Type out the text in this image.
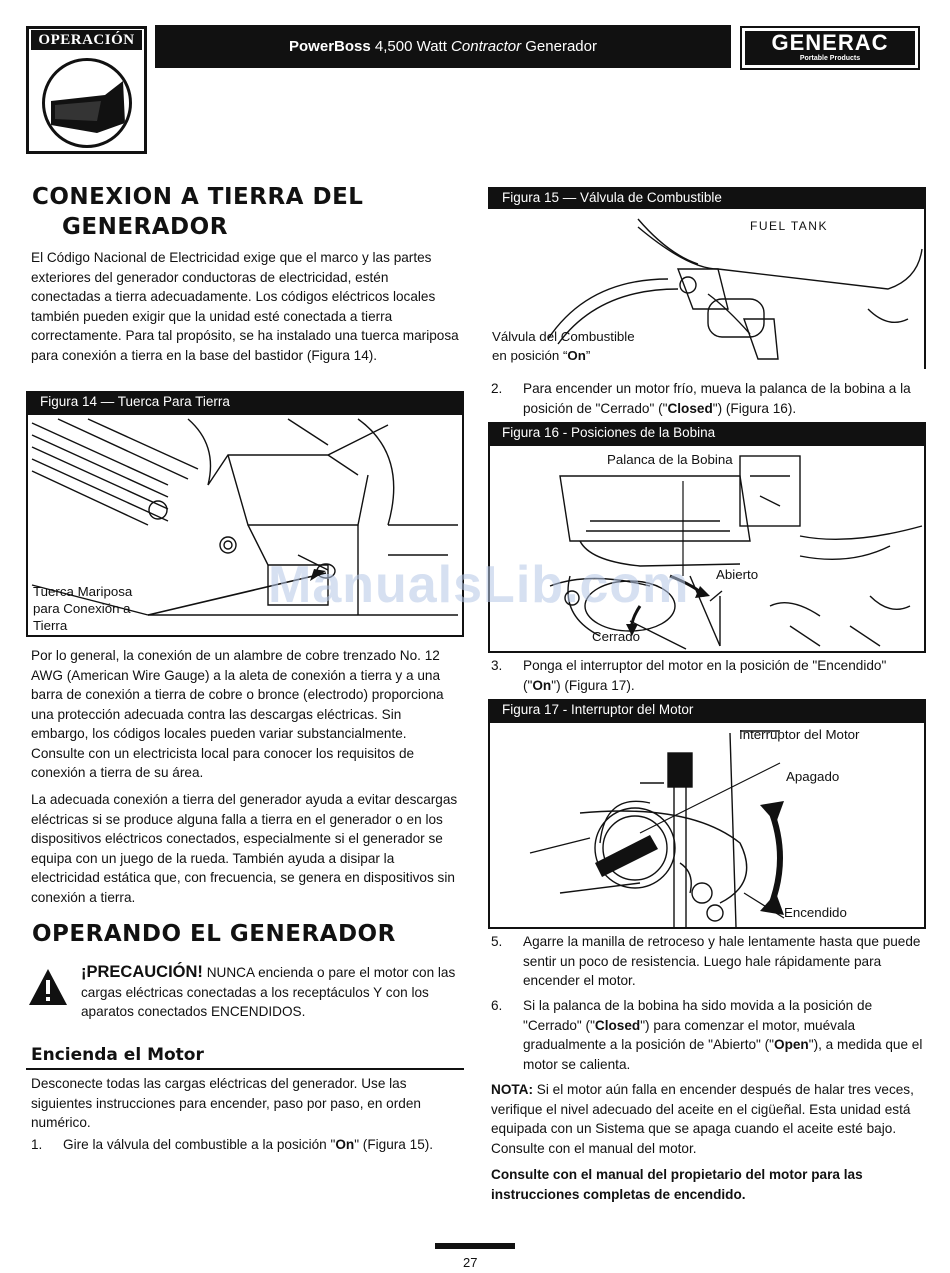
OPERACIÓN	PowerBoss 4,500 Watt Contractor Generador	GENERAC
Portable Products
CONEXION A TIERRA DEL
GENERADOR
El Código Nacional de Electricidad exige que el marco y las partes exteriores del generador conductoras de electricidad, estén conectadas a tierra adecuadamente. Los códigos eléctricos locales también pueden exigir que la unidad esté conectada a tierra correctamente. Para tal propósito, se ha instalado una tuerca mariposa para conexión a tierra en la base del bastidor (Figura 14).
Figura 14 — Tuerca Para Tierra
Tuerca Mariposa
para Conexión a
Tierra
Por lo general, la conexión de un alambre de cobre trenzado No. 12 AWG (American Wire Gauge) a la aleta de conexión a tierra y a una barra de conexión a tierra de cobre o bronce (electrodo) proporciona una protección adecuada contra las descargas eléctricas. Sin embargo, los códigos locales pueden variar substancialmente. Consulte con un electricista local para conocer los requisitos de conexión a tierra de su área.
La adecuada conexión a tierra del generador ayuda a evitar descargas eléctricas si se produce alguna falla a tierra en el generador o en los dispositivos eléctricos conectados, especialmente si el generador se equipa con un juego de la rueda. También ayuda a disipar la electricidad estática que, con frecuencia, se genera en dispositivos sin conexión a tierra.
OPERANDO EL GENERADOR
¡PRECAUCIÓN! NUNCA encienda o pare el motor con las cargas eléctricas conectadas a los receptáculos Y con los aparatos conectados ENCENDIDOS.
Encienda el Motor
Desconecte todas las cargas eléctricas del generador. Use las siguientes instrucciones para encender, paso por paso, en orden numérico.
1. Gire la válvula del combustible a la posición "On" (Figura 15).
Figura 15 — Válvula de Combustible
FUEL TANK
Válvula del Combustible
en posición “On”
2. Para encender un motor frío, mueva la palanca de la bobina a la posición de "Cerrado" ("Closed") (Figura 16).
Figura 16 - Posiciones de la Bobina
Palanca de la Bobina
Abierto
Cerrado
3. Ponga el interruptor del motor en la posición de "Encendido" ("On") (Figura 17).
Figura 17 - Interruptor del Motor
Interruptor del Motor
Apagado
Encendido
5. Agarre la manilla de retroceso y hale lentamente hasta que puede sentir un poco de resistencia. Luego hale rápidamente para encender el motor.
6. Si la palanca de la bobina ha sido movida a la posición de "Cerrado" ("Closed") para comenzar el motor, muévala gradualmente a la posición de "Abierto" ("Open"), a medida que el motor se calienta.
NOTA: Si el motor aún falla en encender después de halar tres veces, verifique el nivel adecuado del aceite en el cigüeñal. Esta unidad está equipada con un Sistema que se apaga cuando el aceite esté bajo. Consulte con el manual del motor.
Consulte con el manual del propietario del motor para las instrucciones completas de encendido.
27
ManualsLib.com
